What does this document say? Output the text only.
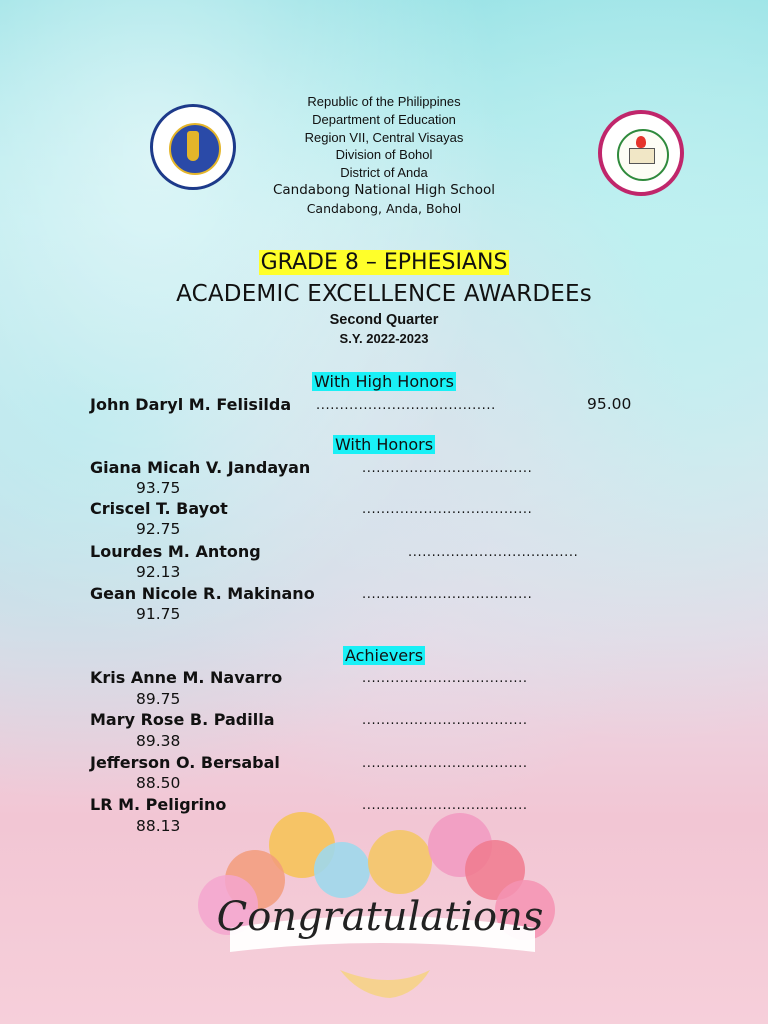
Republic of the Philippines
Department of Education
Region VII, Central Visayas
Division of Bohol
District of Anda
Candabong National High School
Candabong, Anda, Bohol
GRADE 8 – EPHESIANS
ACADEMIC EXCELLENCE AWARDEEs
Second Quarter
S.Y. 2022-2023
With High Honors
John Daryl M. Felisilda ......................................	95.00
With Honors
Giana Micah V. Jandayan	....................................
93.75
Criscel T. Bayot	....................................
92.75
Lourdes M. Antong	....................................
92.13
Gean Nicole R. Makinano	....................................
91.75
Achievers
Kris Anne M. Navarro	...................................
89.75
Mary Rose B. Padilla	...................................
89.38
Jefferson O. Bersabal	...................................
88.50
LR M. Peligrino	...................................
88.13
Congratulations
